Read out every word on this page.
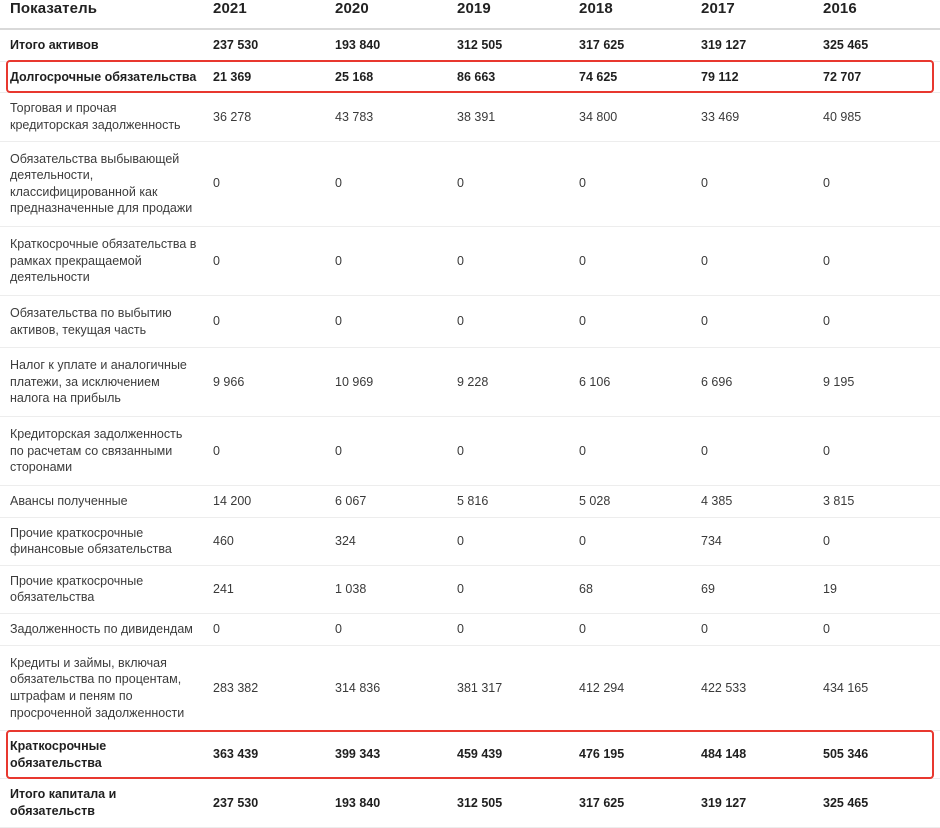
Показатель	2021	2020	2019	2018	2017	2016
Итого активов	237 530	193 840	312 505	317 625	319 127	325 465
Долгосрочные обязательства	21 369	25 168	86 663	74 625	79 112	72 707
Торговая и прочая кредиторская задолженность	36 278	43 783	38 391	34 800	33 469	40 985
Обязательства выбывающей деятельности, классифицированной как предназначенные для продажи	0	0	0	0	0	0
Краткосрочные обязательства в рамках прекращаемой деятельности	0	0	0	0	0	0
Обязательства по выбытию активов, текущая часть	0	0	0	0	0	0
Налог к уплате и аналогичные платежи, за исключением налога на прибыль	9 966	10 969	9 228	6 106	6 696	9 195
Кредиторская задолженность по расчетам со связанными сторонами	0	0	0	0	0	0
Авансы полученные	14 200	6 067	5 816	5 028	4 385	3 815
Прочие краткосрочные финансовые обязательства	460	324	0	0	734	0
Прочие краткосрочные обязательства	241	1 038	0	68	69	19
Задолженность по дивидендам	0	0	0	0	0	0
Кредиты и займы, включая обязательства по процентам, штрафам и пеням по просроченной задолженности	283 382	314 836	381 317	412 294	422 533	434 165
Краткосрочные обязательства	363 439	399 343	459 439	476 195	484 148	505 346
Итого капитала и обязательств	237 530	193 840	312 505	317 625	319 127	325 465
